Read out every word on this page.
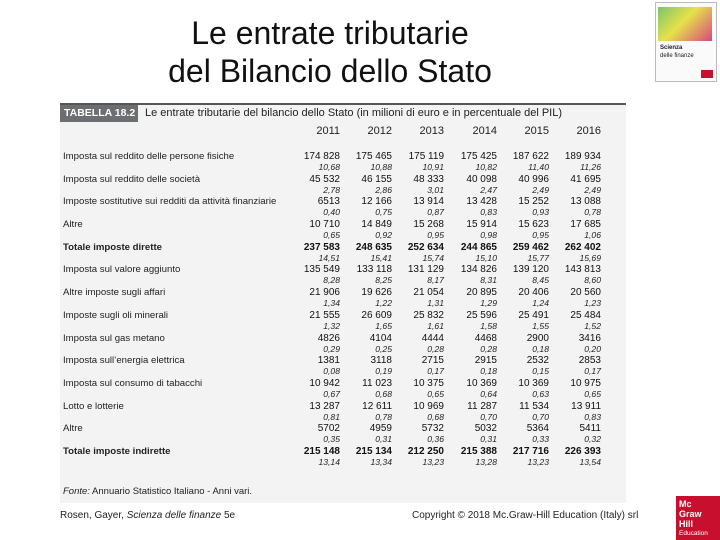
Le entrate tributarie
del Bilancio dello Stato
Scienza
delle finanze
TABELLA 18.2 Le entrate tributarie del bilancio dello Stato (in milioni di euro e in percentuale del PIL)
2011	2012	2013	2014	2015	2016
Imposta sul reddito delle persone fisiche	174 828	175 465	175 119	175 425	187 622	189 934
10,68	10,88	10,91	10,82	11,40	11,26
Imposta sul reddito delle società	45 532	46 155	48 333	40 098	40 996	41 695
2,78	2,86	3,01	2,47	2,49	2,49
Imposte sostitutive sui redditi da attività finanziarie	6513	12 166	13 914	13 428	15 252	13 088
0,40	0,75	0,87	0,83	0,93	0,78
Altre	10 710	14 849	15 268	15 914	15 623	17 685
0,65	0,92	0,95	0,98	0,95	1,06
Totale imposte dirette	237 583	248 635	252 634	244 865	259 462	262 402
14,51	15,41	15,74	15,10	15,77	15,69
Imposta sul valore aggiunto	135 549	133 118	131 129	134 826	139 120	143 813
8,28	8,25	8,17	8,31	8,45	8,60
Altre imposte sugli affari	21 906	19 626	21 054	20 895	20 406	20 560
1,34	1,22	1,31	1,29	1,24	1,23
Imposte sugli oli minerali	21 555	26 609	25 832	25 596	25 491	25 484
1,32	1,65	1,61	1,58	1,55	1,52
Imposta sul gas metano	4826	4104	4444	4468	2900	3416
0,29	0,25	0,28	0,28	0,18	0,20
Imposta sull’energia elettrica	1381	3118	2715	2915	2532	2853
0,08	0,19	0,17	0,18	0,15	0,17
Imposta sul consumo di tabacchi	10 942	11 023	10 375	10 369	10 369	10 975
0,67	0,68	0,65	0,64	0,63	0,65
Lotto e lotterie	13 287	12 611	10 969	11 287	11 534	13 911
0,81	0,78	0,68	0,70	0,70	0,83
Altre	5702	4959	5732	5032	5364	5411
0,35	0,31	0,36	0,31	0,33	0,32
Totale imposte indirette	215 148	215 134	212 250	215 388	217 716	226 393
13,14	13,34	13,23	13,28	13,23	13,54
Fonte: Annuario Statistico Italiano - Anni vari.
Rosen, Gayer, Scienza delle finanze 5e	Copyright © 2018 Mc.Graw-Hill Education (Italy) srl
Mc
Graw
Hill
Education
